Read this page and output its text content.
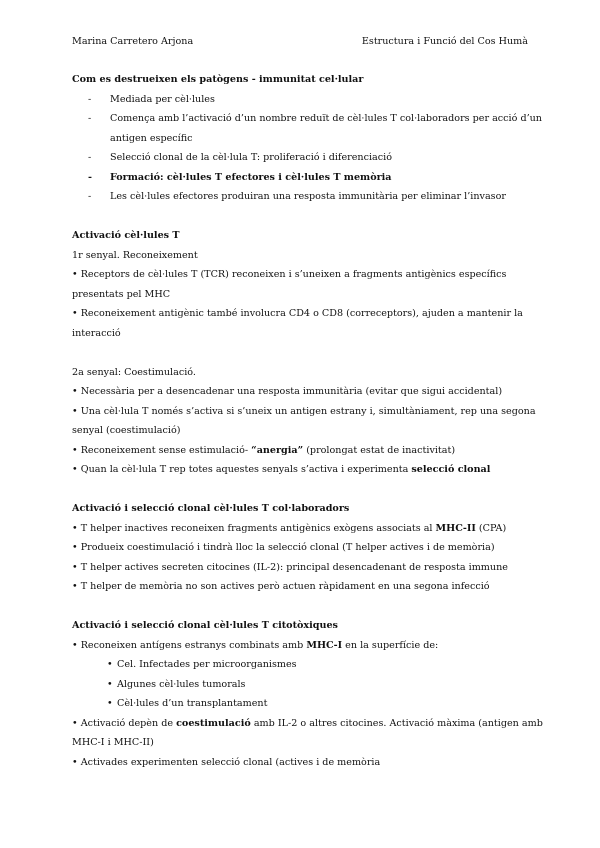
Marina Carretero Arjona	Estructura i Funció del Cos Humà
Com es destrueixen els patògens - immunitat cel·lular
- Mediada per cèl·lules
- Comença amb l’activació d’un nombre reduït de cèl·lules T col·laboradors per acció d’un
antigen específic
- Selecció clonal de la cèl·lula T: proliferació i diferenciació
- Formació: cèl·lules T efectores i cèl·lules T memòria
- Les cèl·lules efectores produiran una resposta immunitària per eliminar l’invasor
Activació cèl·lules T
1r senyal. Reconeixement
• Receptors de cèl·lules T (TCR) reconeixen i s’uneixen a fragments antigènics específics
presentats pel MHC
• Reconeixement antigènic també involucra CD4 o CD8 (correceptors), ajuden a mantenir la
interacció
2a senyal: Coestimulació.
• Necessària per a desencadenar una resposta immunitària (evitar que sigui accidental)
• Una cèl·lula T només s’activa si s’uneix un antigen estrany i, simultàniament, rep una segona
senyal (coestimulació)
• Reconeixement sense estimulació- “anergia” (prolongat estat de inactivitat)
• Quan la cèl·lula T rep totes aquestes senyals s’activa i experimenta selecció clonal
Activació i selecció clonal cèl·lules T col·laboradors
• T helper inactives reconeixen fragments antigènics exògens associats al MHC-II (CPA)
• Produeix coestimulació i tindrà lloc la selecció clonal (T helper actives i de memòria)
• T helper actives secreten citocines (IL-2): principal desencadenant de resposta immune
• T helper de memòria no son actives però actuen ràpidament en una segona infecció
Activació i selecció clonal cèl·lules T citotòxiques
• Reconeixen antígens estranys combinats amb MHC-I en la superfície de:
• Cel. Infectades per microorganismes
• Algunes cèl·lules tumorals
• Cèl·lules d’un transplantament
• Activació depèn de coestimulació amb IL-2 o altres citocines. Activació màxima (antigen amb
MHC-I i MHC-II)
• Activades experimenten selecció clonal (actives i de memòria
